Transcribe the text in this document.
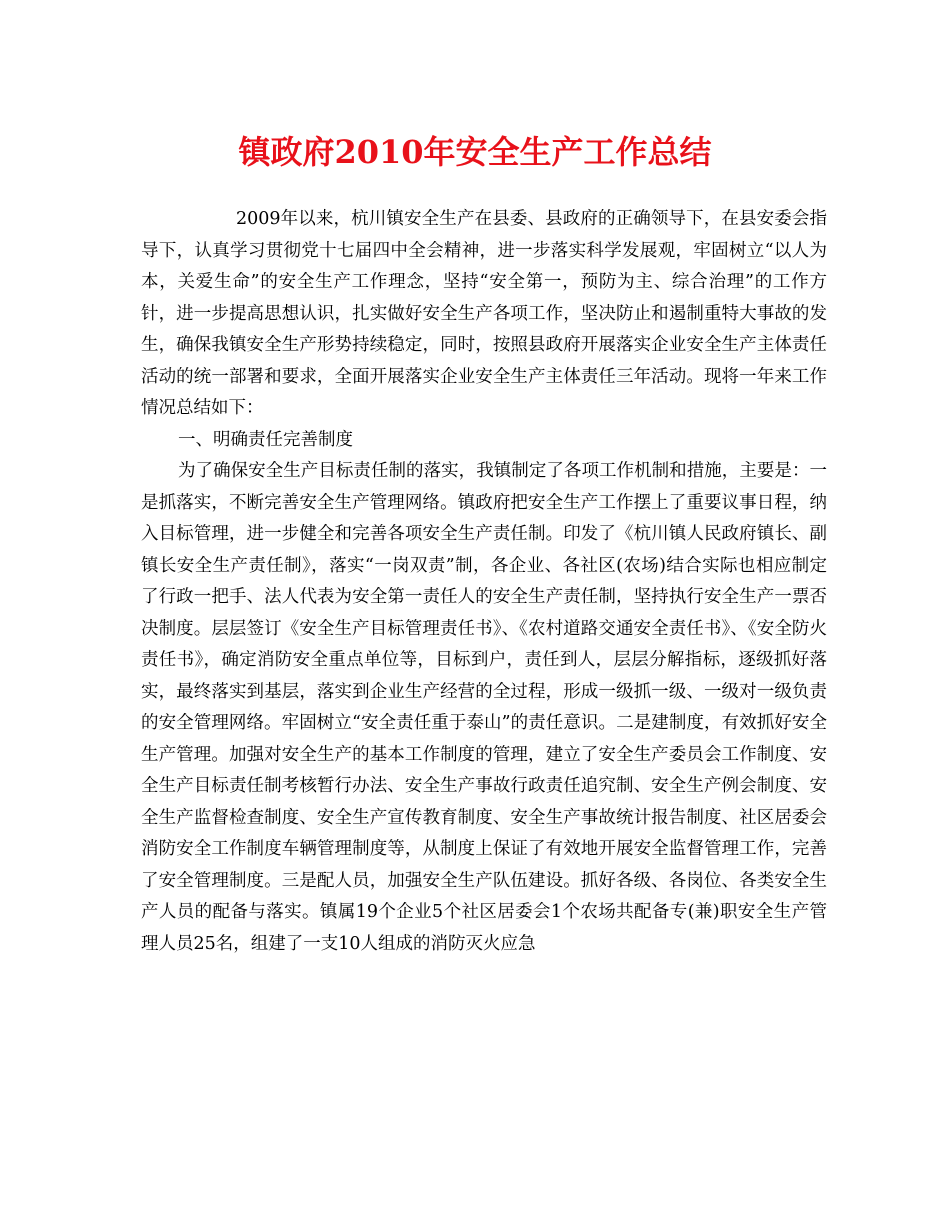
镇政府2010年安全生产工作总结

2009年以来，杭川镇安全生产在县委、县政府的正确领导下，在县安委会指导下，认真学习贯彻党十七届四中全会精神，进一步落实科学发展观，牢固树立“以人为本，关爱生命”的安全生产工作理念，坚持“安全第一，预防为主、综合治理”的工作方针，进一步提高思想认识，扎实做好安全生产各项工作，坚决防止和遏制重特大事故的发生，确保我镇安全生产形势持续稳定，同时，按照县政府开展落实企业安全生产主体责任活动的统一部署和要求，全面开展落实企业安全生产主体责任三年活动。现将一年来工作情况总结如下：

一、明确责任完善制度

为了确保安全生产目标责任制的落实，我镇制定了各项工作机制和措施，主要是：一是抓落实，不断完善安全生产管理网络。镇政府把安全生产工作摆上了重要议事日程，纳入目标管理，进一步健全和完善各项安全生产责任制。印发了《杭川镇人民政府镇长、副镇长安全生产责任制》，落实“一岗双责”制，各企业、各社区(农场)结合实际也相应制定了行政一把手、法人代表为安全第一责任人的安全生产责任制，坚持执行安全生产一票否决制度。层层签订《安全生产目标管理责任书》、《农村道路交通安全责任书》、《安全防火责任书》，确定消防安全重点单位等，目标到户，责任到人，层层分解指标，逐级抓好落实，最终落实到基层，落实到企业生产经营的全过程，形成一级抓一级、一级对一级负责的安全管理网络。牢固树立“安全责任重于泰山”的责任意识。二是建制度，有效抓好安全生产管理。加强对安全生产的基本工作制度的管理，建立了安全生产委员会工作制度、安全生产目标责任制考核暂行办法、安全生产事故行政责任追究制、安全生产例会制度、安全生产监督检查制度、安全生产宣传教育制度、安全生产事故统计报告制度、社区居委会消防安全工作制度车辆管理制度等，从制度上保证了有效地开展安全监督管理工作，完善了安全管理制度。三是配人员，加强安全生产队伍建设。抓好各级、各岗位、各类安全生产人员的配备与落实。镇属19个企业5个社区居委会1个农场共配备专(兼)职安全生产管理人员25名，组建了一支10人组成的消防灭火应急
